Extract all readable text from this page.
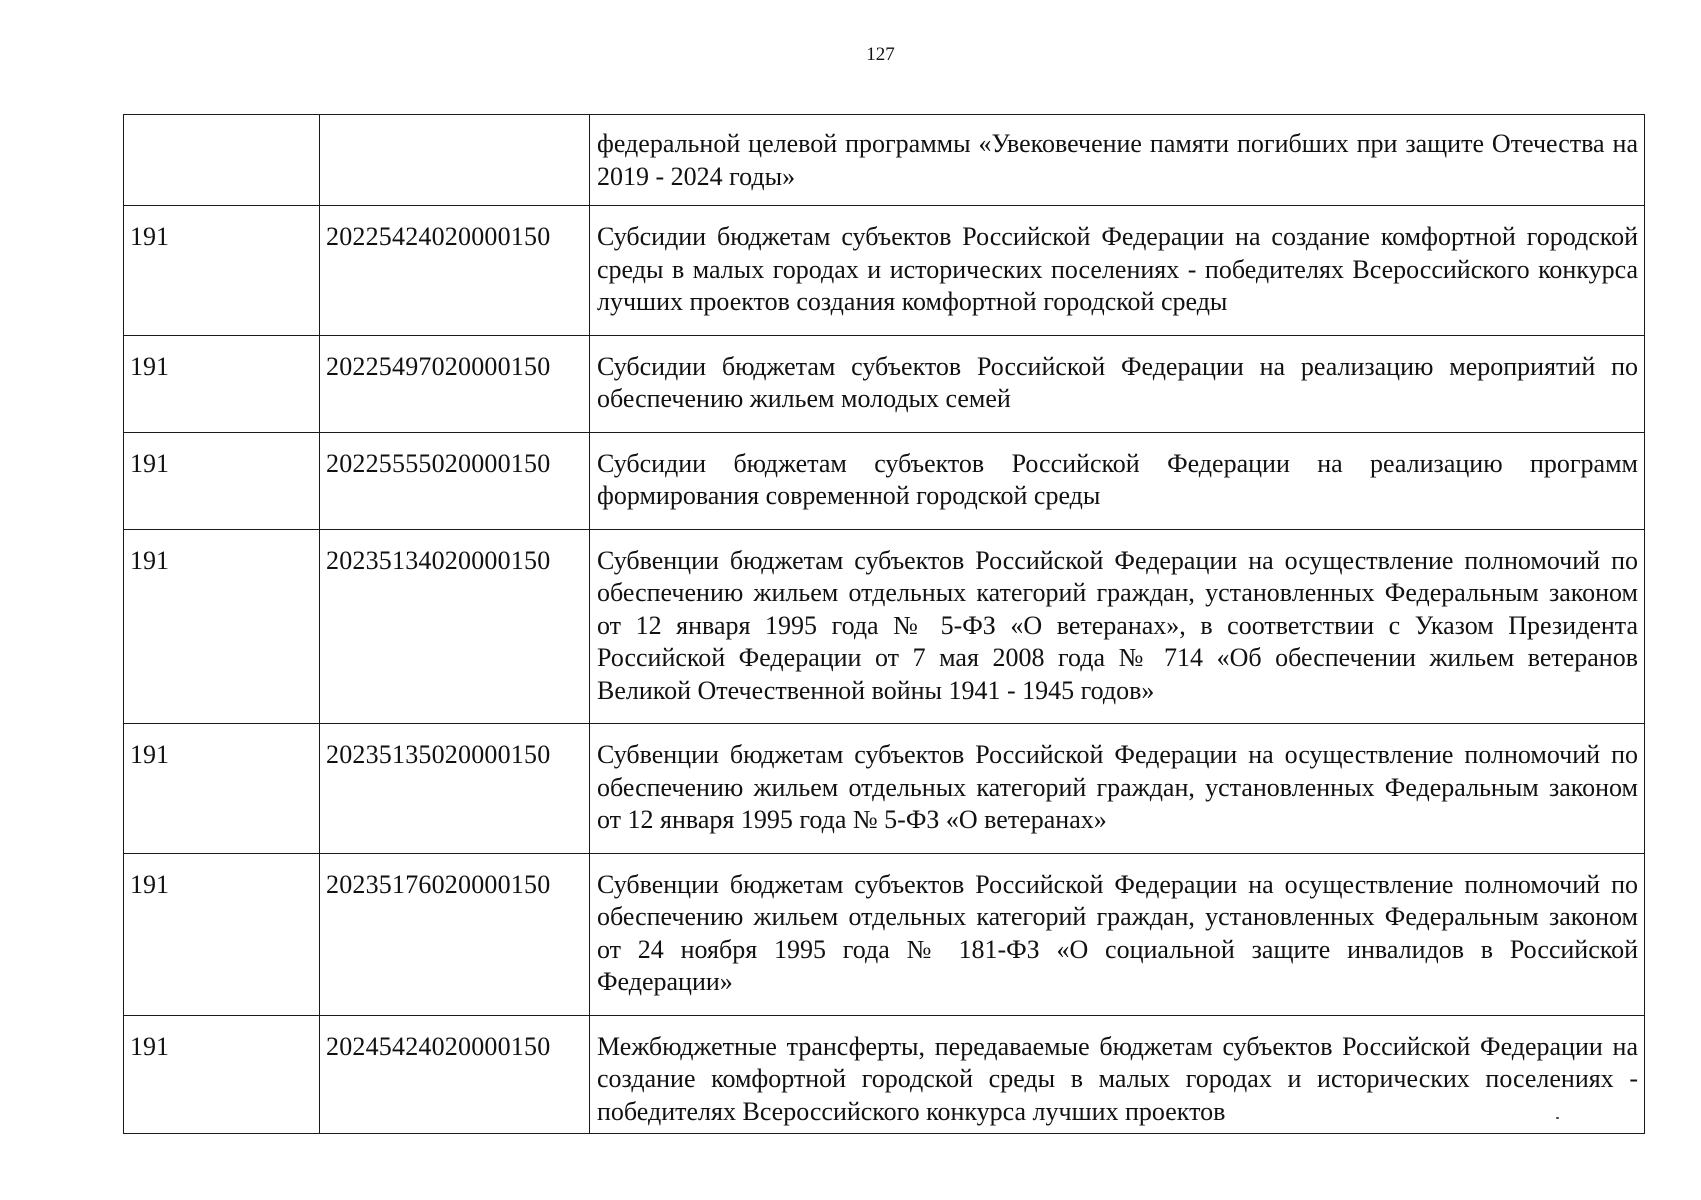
127
		федеральной целевой программы «Увековечение памяти погибших при защите Отечества на 2019 - 2024 годы»
191	20225424020000150	Субсидии бюджетам субъектов Российской Федерации на создание комфортной городской среды в малых городах и исторических поселениях - победителях Всероссийского конкурса лучших проектов создания комфортной городской среды
191	20225497020000150	Субсидии бюджетам субъектов Российской Федерации на реализацию мероприятий по обеспечению жильем молодых семей
191	20225555020000150	Субсидии бюджетам субъектов Российской Федерации на реализацию программ формирования современной городской среды
191	20235134020000150	Субвенции бюджетам субъектов Российской Федерации на осуществление полномочий по обеспечению жильем отдельных категорий граждан, установленных Федеральным законом от 12 января 1995 года № 5-ФЗ «О ветеранах», в соответствии с Указом Президента Российской Федерации от 7 мая 2008 года № 714 «Об обеспечении жильем ветеранов Великой Отечественной войны 1941 - 1945 годов»
191	20235135020000150	Субвенции бюджетам субъектов Российской Федерации на осуществление полномочий по обеспечению жильем отдельных категорий граждан, установленных Федеральным законом от 12 января 1995 года № 5-ФЗ «О ветеранах»
191	20235176020000150	Субвенции бюджетам субъектов Российской Федерации на осуществление полномочий по обеспечению жильем отдельных категорий граждан, установленных Федеральным законом от 24 ноября 1995 года № 181-ФЗ «О социальной защите инвалидов в Российской Федерации»
191	20245424020000150	Межбюджетные трансферты, передаваемые бюджетам субъектов Российской Федерации на создание комфортной городской среды в малых городах и исторических поселениях - победителях Всероссийского конкурса лучших проектов
